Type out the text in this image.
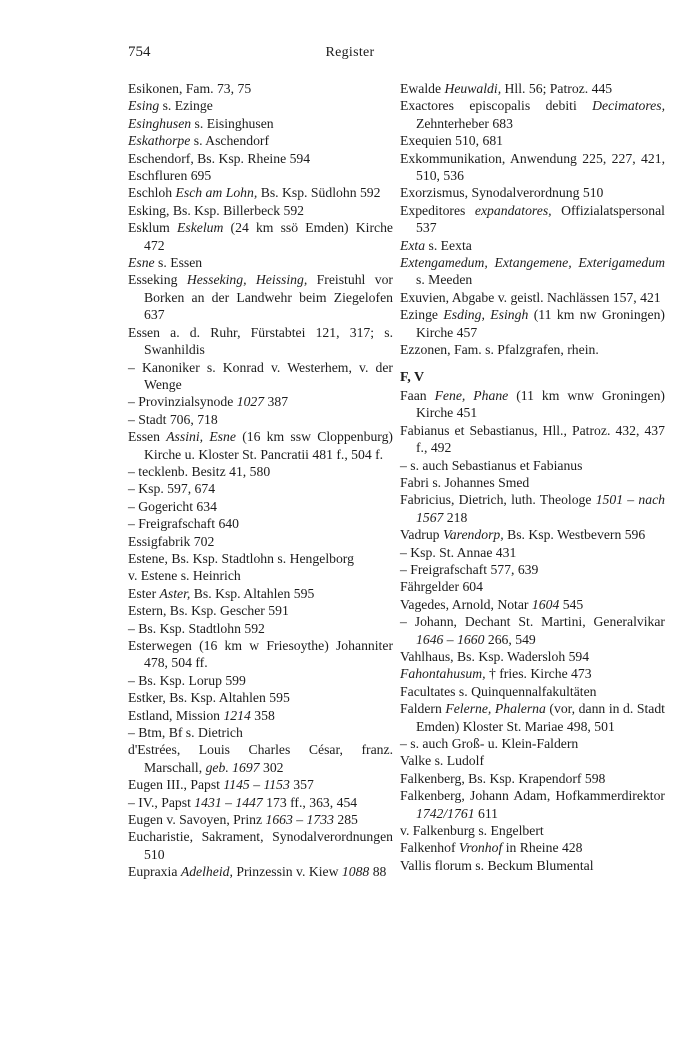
754	Register
Esikonen, Fam. 73, 75
Esing s. Ezinge
Esinghusen s. Eisinghusen
Eskathorpe s. Aschendorf
Eschendorf, Bs. Ksp. Rheine 594
Eschfluren 695
Eschloh Esch am Lohn, Bs. Ksp. Südlohn 592
Esking, Bs. Ksp. Billerbeck 592
Esklum Eskelum (24 km ssö Emden) Kirche 472
Esne s. Essen
Esseking Hesseking, Heissing, Freistuhl vor Borken an der Landwehr beim Ziegelofen 637
Essen a. d. Ruhr, Fürstabtei 121, 317; s. Swanhildis
– Kanoniker s. Konrad v. Westerhem, v. der Wenge
– Provinzialsynode 1027 387
– Stadt 706, 718
Essen Assini, Esne (16 km ssw Cloppenburg) Kirche u. Kloster St. Pancratii 481 f., 504 f.
– tecklenb. Besitz 41, 580
– Ksp. 597, 674
– Gogericht 634
– Freigrafschaft 640
Essigfabrik 702
Estene, Bs. Ksp. Stadtlohn s. Hengelborg
v. Estene s. Heinrich
Ester Aster, Bs. Ksp. Altahlen 595
Estern, Bs. Ksp. Gescher 591
– Bs. Ksp. Stadtlohn 592
Esterwegen (16 km w Friesoythe) Johanniter 478, 504 ff.
– Bs. Ksp. Lorup 599
Estker, Bs. Ksp. Altahlen 595
Estland, Mission 1214 358
– Btm, Bf s. Dietrich
d'Estrées, Louis Charles César, franz. Marschall, geb. 1697 302
Eugen III., Papst 1145 – 1153 357
– IV., Papst 1431 – 1447 173 ff., 363, 454
Eugen v. Savoyen, Prinz 1663 – 1733 285
Eucharistie, Sakrament, Synodalverordnungen 510
Eupraxia Adelheid, Prinzessin v. Kiew 1088 88
Ewalde Heuwaldi, Hll. 56; Patroz. 445
Exactores episcopalis debiti Decimatores, Zehnterheber 683
Exequien 510, 681
Exkommunikation, Anwendung 225, 227, 421, 510, 536
Exorzismus, Synodalverordnung 510
Expeditores expandatores, Offizialatspersonal 537
Exta s. Eexta
Extengamedum, Extangemene, Exterigamedum s. Meeden
Exuvien, Abgabe v. geistl. Nachlässen 157, 421
Ezinge Esding, Esingh (11 km nw Groningen) Kirche 457
Ezzonen, Fam. s. Pfalzgrafen, rhein.
F, V
Faan Fene, Phane (11 km wnw Groningen) Kirche 451
Fabianus et Sebastianus, Hll., Patroz. 432, 437 f., 492
– s. auch Sebastianus et Fabianus
Fabri s. Johannes Smed
Fabricius, Dietrich, luth. Theologe 1501 – nach 1567 218
Vadrup Varendorp, Bs. Ksp. Westbevern 596
– Ksp. St. Annae 431
– Freigrafschaft 577, 639
Fährgelder 604
Vagedes, Arnold, Notar 1604 545
– Johann, Dechant St. Martini, Generalvikar 1646 – 1660 266, 549
Vahlhaus, Bs. Ksp. Wadersloh 594
Fahontahusum, † fries. Kirche 473
Facultates s. Quinquennalfakultäten
Faldern Felerne, Phalerna (vor, dann in d. Stadt Emden) Kloster St. Mariae 498, 501
– s. auch Groß- u. Klein-Faldern
Valke s. Ludolf
Falkenberg, Bs. Ksp. Krapendorf 598
Falkenberg, Johann Adam, Hofkammerdirektor 1742/1761 611
v. Falkenburg s. Engelbert
Falkenhof Vronhof in Rheine 428
Vallis florum s. Beckum Blumental
